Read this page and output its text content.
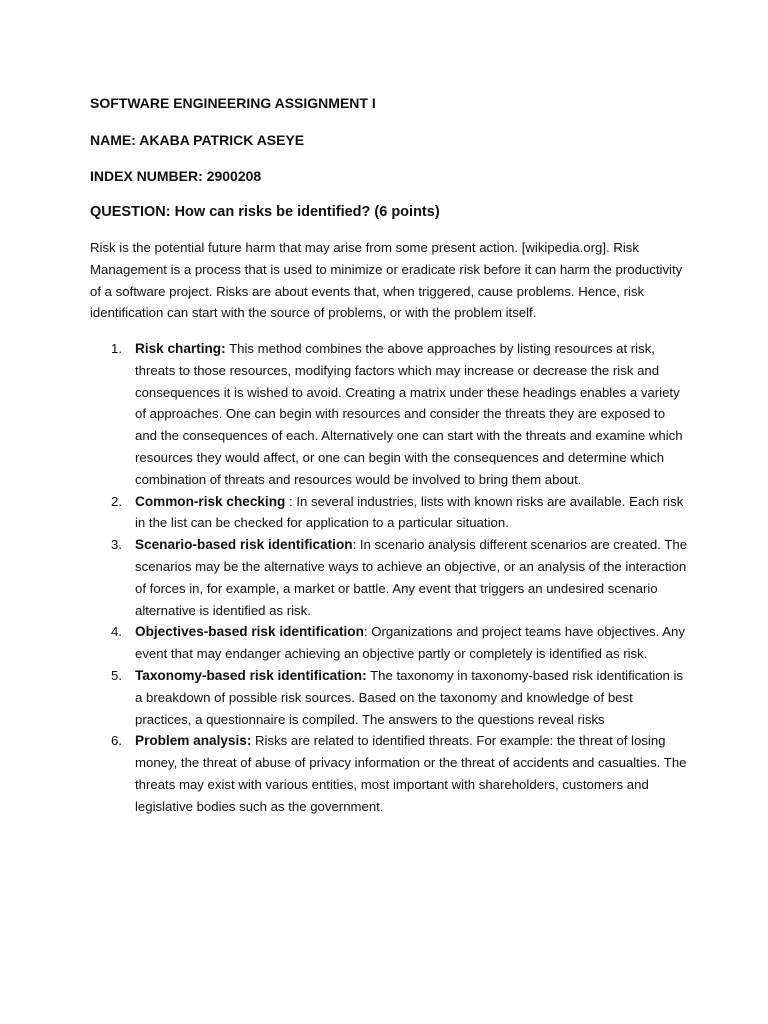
SOFTWARE ENGINEERING ASSIGNMENT I
NAME: AKABA PATRICK ASEYE
INDEX NUMBER: 2900208
QUESTION: How can risks be identified? (6 points)

Risk is the potential future harm that may arise from some present action. [wikipedia.org]. Risk Management is a process that is used to minimize or eradicate risk before it can harm the productivity of a software project. Risks are about events that, when triggered, cause problems. Hence, risk identification can start with the source of problems, or with the problem itself.

1. Risk charting: This method combines the above approaches by listing resources at risk, threats to those resources, modifying factors which may increase or decrease the risk and consequences it is wished to avoid. Creating a matrix under these headings enables a variety of approaches. One can begin with resources and consider the threats they are exposed to and the consequences of each. Alternatively one can start with the threats and examine which resources they would affect, or one can begin with the consequences and determine which combination of threats and resources would be involved to bring them about.
2. Common-risk checking : In several industries, lists with known risks are available. Each risk in the list can be checked for application to a particular situation.
3. Scenario-based risk identification: In scenario analysis different scenarios are created. The scenarios may be the alternative ways to achieve an objective, or an analysis of the interaction of forces in, for example, a market or battle. Any event that triggers an undesired scenario alternative is identified as risk.
4. Objectives-based risk identification: Organizations and project teams have objectives. Any event that may endanger achieving an objective partly or completely is identified as risk.
5. Taxonomy-based risk identification: The taxonomy in taxonomy-based risk identification is a breakdown of possible risk sources. Based on the taxonomy and knowledge of best practices, a questionnaire is compiled. The answers to the questions reveal risks
6. Problem analysis: Risks are related to identified threats. For example: the threat of losing money, the threat of abuse of privacy information or the threat of accidents and casualties. The threats may exist with various entities, most important with shareholders, customers and legislative bodies such as the government.
